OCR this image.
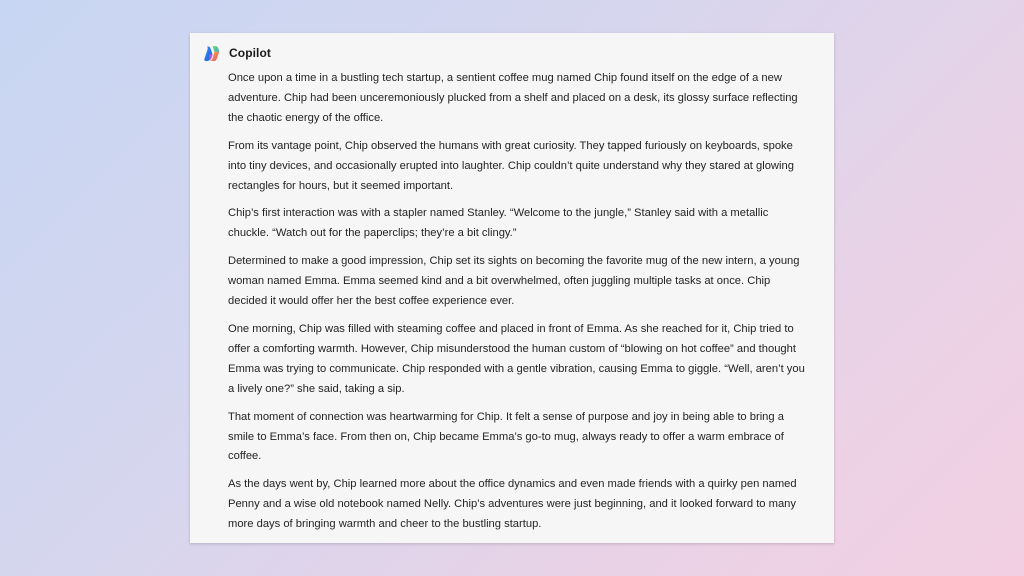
Copilot

Once upon a time in a bustling tech startup, a sentient coffee mug named Chip found itself on the edge of a new adventure. Chip had been unceremoniously plucked from a shelf and placed on a desk, its glossy surface reflecting the chaotic energy of the office.

From its vantage point, Chip observed the humans with great curiosity. They tapped furiously on keyboards, spoke into tiny devices, and occasionally erupted into laughter. Chip couldn’t quite understand why they stared at glowing rectangles for hours, but it seemed important.

Chip’s first interaction was with a stapler named Stanley. “Welcome to the jungle,” Stanley said with a metallic chuckle. “Watch out for the paperclips; they’re a bit clingy.”

Determined to make a good impression, Chip set its sights on becoming the favorite mug of the new intern, a young woman named Emma. Emma seemed kind and a bit overwhelmed, often juggling multiple tasks at once. Chip decided it would offer her the best coffee experience ever.

One morning, Chip was filled with steaming coffee and placed in front of Emma. As she reached for it, Chip tried to offer a comforting warmth. However, Chip misunderstood the human custom of “blowing on hot coffee” and thought Emma was trying to communicate. Chip responded with a gentle vibration, causing Emma to giggle. “Well, aren’t you a lively one?” she said, taking a sip.

That moment of connection was heartwarming for Chip. It felt a sense of purpose and joy in being able to bring a smile to Emma’s face. From then on, Chip became Emma’s go-to mug, always ready to offer a warm embrace of coffee.

As the days went by, Chip learned more about the office dynamics and even made friends with a quirky pen named Penny and a wise old notebook named Nelly. Chip’s adventures were just beginning, and it looked forward to many more days of bringing warmth and cheer to the bustling startup.
